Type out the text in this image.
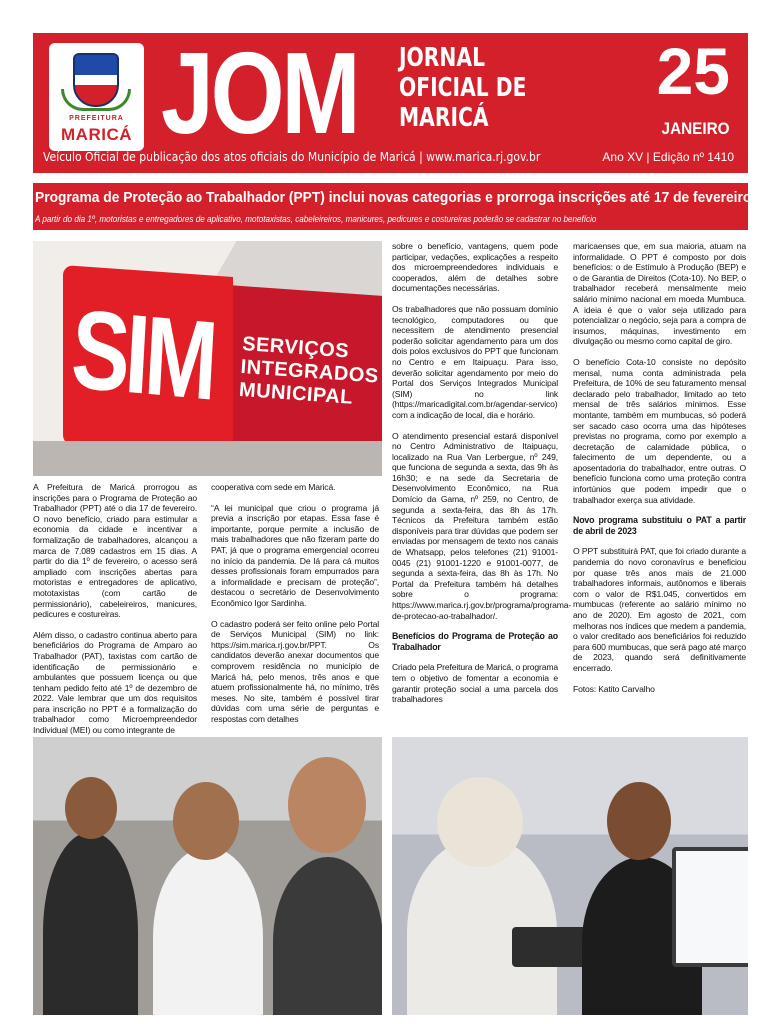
PREFEITURA
MARICÁ JOM JORNAL
OFICIAL DE
MARICÁ
25
JANEIRO
Veículo Oficial de publicação dos atos oficiais do Município de Maricá | www.marica.rj.gov.br	Ano XV | Edição nº 1410
Programa de Proteção ao Trabalhador (PPT) inclui novas categorias e prorroga inscrições até 17 de fevereiro
A partir do dia 1º, motoristas e entregadores de aplicativo, mototaxistas, cabeleireiros, manicures, pedicures e costureiras poderão se cadastrar no benefício
SIM SERVIÇOS
INTEGRADOS
MUNICIPAL

A Prefeitura de Maricá prorrogou as inscrições para o Programa de Proteção ao Trabalhador (PPT) até o dia 17 de fevereiro. O novo benefício, criado para estimular a economia da cidade e incentivar a formalização de trabalhadores, alcançou a marca de 7.089 cadastros em 15 dias. A partir do dia 1º de fevereiro, o acesso será ampliado com inscrições abertas para motoristas e entregadores de aplicativo, mototaxistas (com cartão de permissionário), cabeleireiros, manicures, pedicures e costureiras.

Além disso, o cadastro continua aberto para beneficiários do Programa de Amparo ao Trabalhador (PAT), taxistas com cartão de identificação de permissionário e ambulantes que possuem licença ou que tenham pedido feito até 1º de dezembro de 2022. Vale lembrar que um dos requisitos para inscrição no PPT é a formalização do trabalhador como Microempreendedor Individual (MEI) ou como integrante de

cooperativa com sede em Maricá.

“A lei municipal que criou o programa já previa a inscrição por etapas. Essa fase é importante, porque permite a inclusão de mais trabalhadores que não fizeram parte do PAT, já que o programa emergencial ocorreu no início da pandemia. De lá para cá muitos desses profissionais foram empurrados para a informalidade e precisam de proteção”, destacou o secretário de Desenvolvimento Econômico Igor Sardinha.

O cadastro poderá ser feito online pelo Portal de Serviços Municipal (SIM) no link: https://sim.marica.rj.gov.br/PPT. Os candidatos deverão anexar documentos que comprovem residência no município de Maricá há, pelo menos, três anos e que atuem profissionalmente há, no mínimo, três meses. No site, também é possível tirar dúvidas com uma série de perguntas e respostas com detalhes

sobre o benefício, vantagens, quem pode participar, vedações, explicações a respeito dos microempreendedores individuais e cooperados, além de detalhes sobre documentações necessárias.

Os trabalhadores que não possuam domínio tecnológico, computadores ou que necessitem de atendimento presencial poderão solicitar agendamento para um dos dois polos exclusivos do PPT que funcionam no Centro e em Itaipuaçu. Para isso, deverão solicitar agendamento por meio do Portal dos Serviços Integrados Municipal (SIM) no link (https://maricadigital.com.br/agendar-servico) com a indicação de local, dia e horário.

O atendimento presencial estará disponível no Centro Administrativo de Itaipuaçu, localizado na Rua Van Lerbergue, nº 249, que funciona de segunda a sexta, das 9h às 16h30; e na sede da Secretaria de Desenvolvimento Econômico, na Rua Domício da Gama, nº 259, no Centro, de segunda a sexta-feira, das 8h às 17h. Técnicos da Prefeitura também estão disponíveis para tirar dúvidas que podem ser enviadas por mensagem de texto nos canais de Whatsapp, pelos telefones (21) 91001-0045 (21) 91001-1220 e 91001-0077, de segunda a sexta-feira, das 8h às 17h. No Portal da Prefeitura também há detalhes sobre o programa: https://www.marica.rj.gov.br/programa/programa-de-protecao-ao-trabalhador/.

Benefícios do Programa de Proteção ao Trabalhador

Criado pela Prefeitura de Maricá, o programa tem o objetivo de fomentar a economia e garantir proteção social a uma parcela dos trabalhadores

maricaenses que, em sua maioria, atuam na informalidade. O PPT é composto por dois benefícios: o de Estímulo à Produção (BEP) e o de Garantia de Direitos (Cota-10). No BEP, o trabalhador receberá mensalmente meio salário mínimo nacional em moeda Mumbuca. A ideia é que o valor seja utilizado para potencializar o negócio, seja para a compra de insumos, máquinas, investimento em divulgação ou mesmo como capital de giro.

O benefício Cota-10 consiste no depósito mensal, numa conta administrada pela Prefeitura, de 10% de seu faturamento mensal declarado pelo trabalhador, limitado ao teto mensal de três salários mínimos. Esse montante, também em mumbucas, só poderá ser sacado caso ocorra uma das hipóteses previstas no programa, como por exemplo a decretação de calamidade pública, o falecimento de um dependente, ou a aposentadoria do trabalhador, entre outras. O benefício funciona como uma proteção contra infortúnios que podem impedir que o trabalhador exerça sua atividade.

Novo programa substituiu o PAT a partir de abril de 2023

O PPT substituirá PAT, que foi criado durante a pandemia do novo coronavírus e beneficiou por quase três anos mais de 21.000 trabalhadores informais, autônomos e liberais com o valor de R$1.045, convertidos em mumbucas (referente ao salário mínimo no ano de 2020). Em agosto de 2021, com melhoras nos índices que medem a pandemia, o valor creditado aos beneficiários foi reduzido para 600 mumbucas, que será pago até março de 2023, quando será definitivamente encerrado.

Fotos: Katito Carvalho
